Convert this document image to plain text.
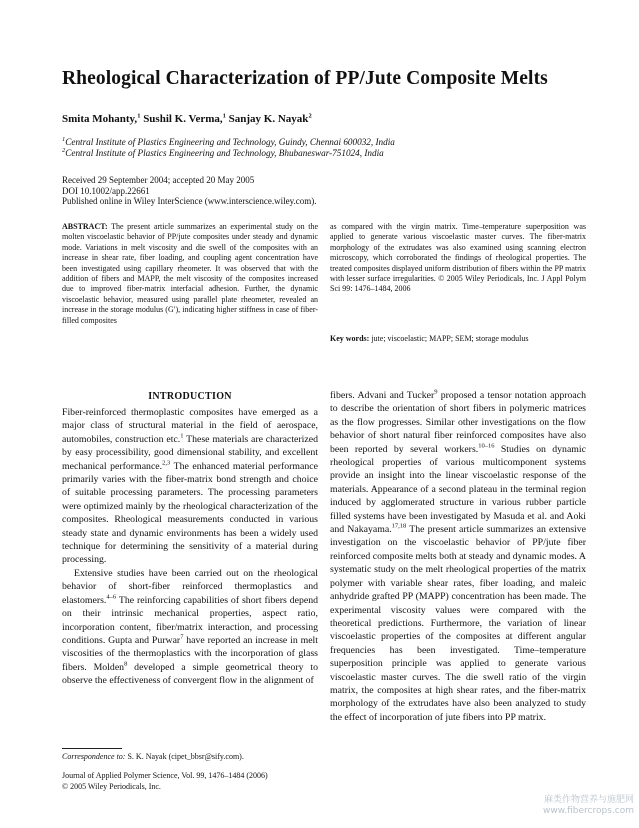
Rheological Characterization of PP/Jute Composite Melts
Smita Mohanty,$^1$ Sushil K. Verma,$^1$ Sanjay K. Nayak$^2$
$^1$Central Institute of Plastics Engineering and Technology, Guindy, Chennai 600032, India
$^2$Central Institute of Plastics Engineering and Technology, Bhubaneswar-751024, India
Received 29 September 2004; accepted 20 May 2005
DOI 10.1002/app.22661
Published online in Wiley InterScience (www.interscience.wiley.com).
ABSTRACT: The present article summarizes an experimental study on the molten viscoelastic behavior of PP/jute composites under steady and dynamic mode. Variations in melt viscosity and die swell of the composites with an increase in shear rate, fiber loading, and coupling agent concentration have been investigated using capillary rheometer. It was observed that with the addition of fibers and MAPP, the melt viscosity of the composites increased due to improved fiber-matrix interfacial adhesion. Further, the dynamic viscoelastic behavior, measured using parallel plate rheometer, revealed an increase in the storage modulus (G′), indicating higher stiffness in case of fiber-filled composites
as compared with the virgin matrix. Time–temperature superposition was applied to generate various viscoelastic master curves. The fiber-matrix morphology of the extrudates was also examined using scanning electron microscopy, which corroborated the findings of rheological properties. The treated composites displayed uniform distribution of fibers within the PP matrix with lesser surface irregularities. © 2005 Wiley Periodicals, Inc. J Appl Polym Sci 99: 1476–1484, 2006
Key words: jute; viscoelastic; MAPP; SEM; storage modulus
INTRODUCTION

Fiber-reinforced thermoplastic composites have emerged as a major class of structural material in the field of aerospace, automobiles, construction etc.$^1$ These materials are characterized by easy processibility, good dimensional stability, and excellent mechanical performance.$^{2,3}$ The enhanced material performance primarily varies with the fiber-matrix bond strength and choice of suitable processing parameters. The processing parameters were optimized mainly by the rheological characterization of the composites. Rheological measurements conducted in various steady state and dynamic environments has been a widely used technique for determining the sensitivity of a material during processing.

Extensive studies have been carried out on the rheological behavior of short-fiber reinforced thermoplastics and elastomers.$^{4-6}$ The reinforcing capabilities of short fibers depend on their intrinsic mechanical properties, aspect ratio, incorporation content, fiber/matrix interaction, and processing conditions. Gupta and Purwar$^7$ have reported an increase in melt viscosities of the thermoplastics with the incorporation of glass fibers. Molden$^8$ developed a simple geometrical theory to observe the effectiveness of convergent flow in the alignment of

fibers. Advani and Tucker$^9$ proposed a tensor notation approach to describe the orientation of short fibers in polymeric matrices as the flow progresses. Similar other investigations on the flow behavior of short natural fiber reinforced composites have also been reported by several workers.$^{10-16}$ Studies on dynamic rheological properties of various multicomponent systems provide an insight into the linear viscoelastic response of the materials. Appearance of a second plateau in the terminal region induced by agglomerated structure in various rubber particle filled systems have been investigated by Masuda et al. and Aoki and Nakayama.$^{17,18}$ The present article summarizes an extensive investigation on the viscoelastic behavior of PP/jute fiber reinforced composite melts both at steady and dynamic modes. A systematic study on the melt rheological properties of the matrix polymer with variable shear rates, fiber loading, and maleic anhydride grafted PP (MAPP) concentration has been made. The experimental viscosity values were compared with the theoretical predictions. Furthermore, the variation of linear viscoelastic properties of the composites at different angular frequencies has been investigated. Time–temperature superposition principle was applied to generate various viscoelastic master curves. The die swell ratio of the virgin matrix, the composites at high shear rates, and the fiber-matrix morphology of the extrudates have also been analyzed to study the effect of incorporation of jute fibers into PP matrix.

Correspondence to: S. K. Nayak (cipet_bbsr@sify.com).
Journal of Applied Polymer Science, Vol. 99, 1476–1484 (2006)
© 2005 Wiley Periodicals, Inc.
麻类作物营养与施肥网
www.fibercrops.com
